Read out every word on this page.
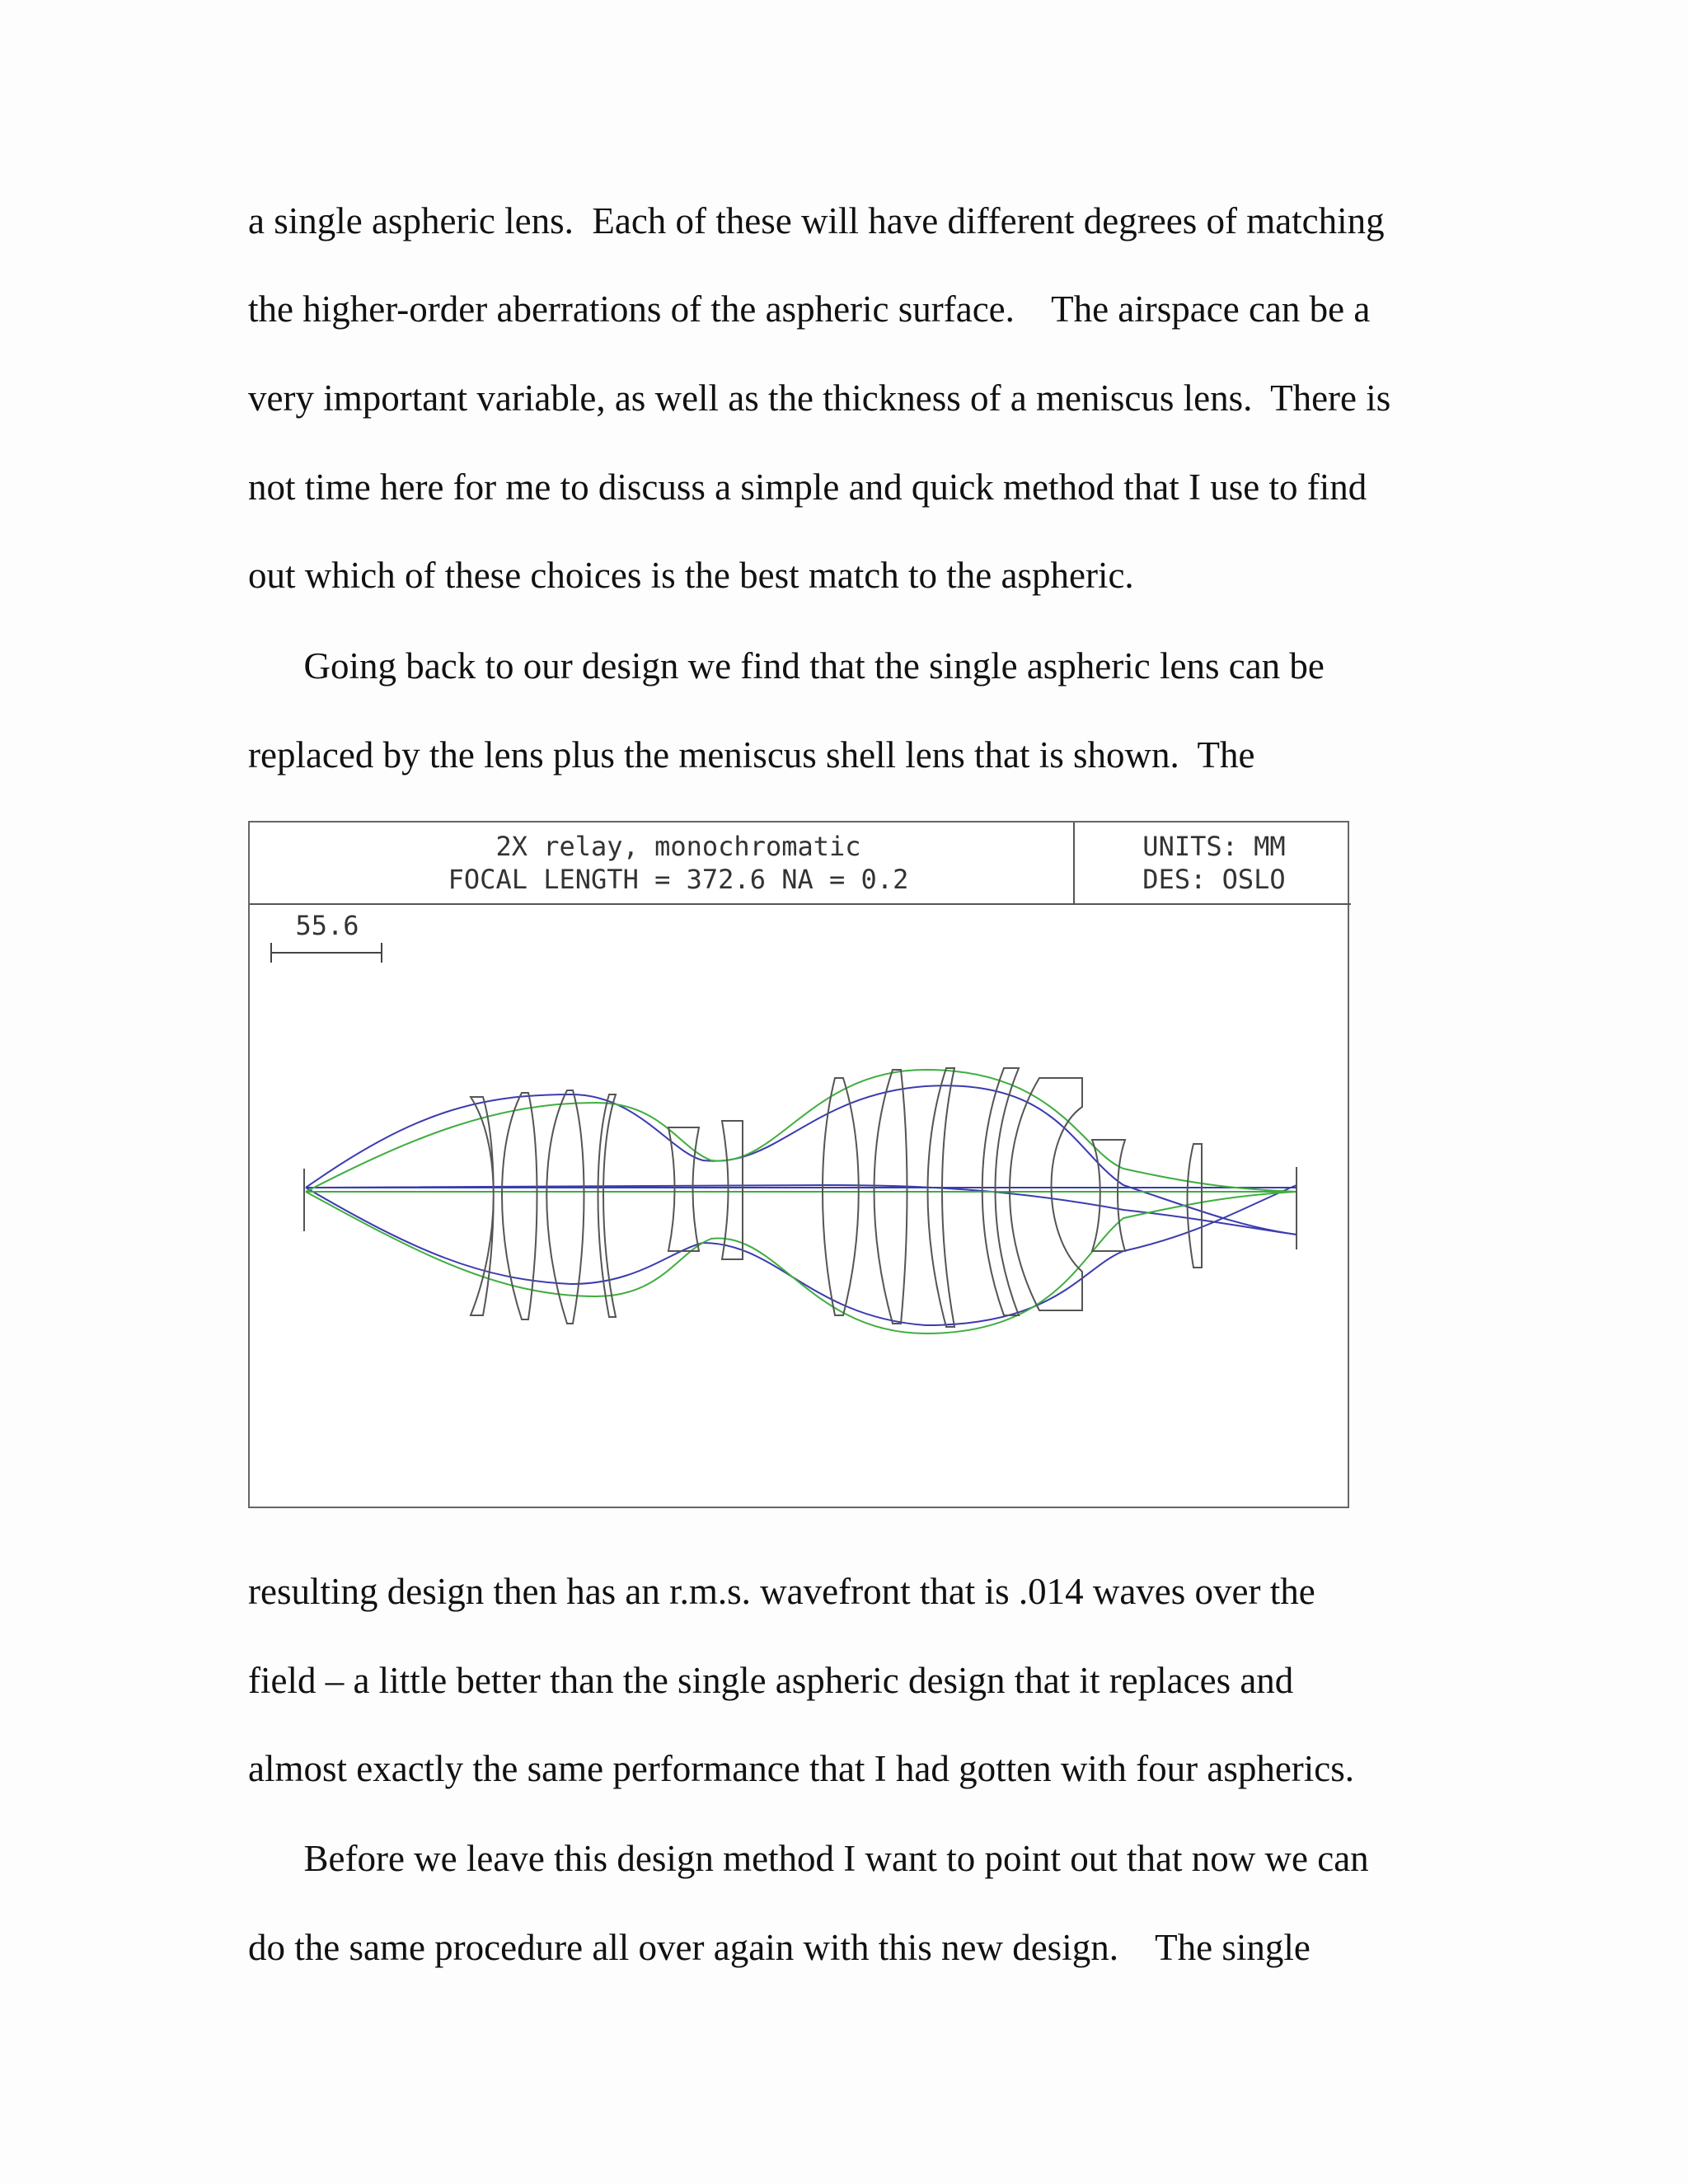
a single aspheric lens.  Each of these will have different degrees of matching
the higher-order aberrations of the aspheric surface.    The airspace can be a
very important variable, as well as the thickness of a meniscus lens.  There is
not time here for me to discuss a simple and quick method that I use to find
out which of these choices is the best match to the aspheric.
Going back to our design we find that the single aspheric lens can be
replaced by the lens plus the meniscus shell lens that is shown.  The
2X relay, monochromatic
FOCAL LENGTH = 372.6 NA = 0.2
UNITS: MM
DES: OSLO
55.6
resulting design then has an r.m.s. wavefront that is .014 waves over the
field – a little better than the single aspheric design that it replaces and
almost exactly the same performance that I had gotten with four aspherics.
Before we leave this design method I want to point out that now we can
do the same procedure all over again with this new design.    The single
